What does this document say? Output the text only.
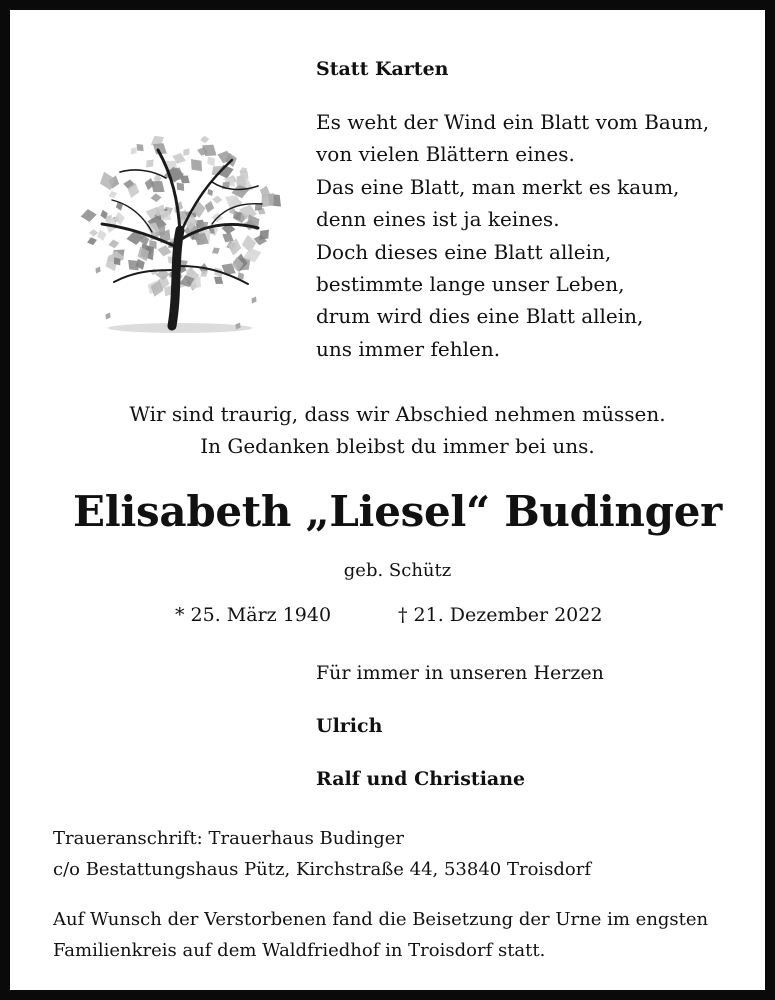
Statt Karten

Es weht der Wind ein Blatt vom Baum,
von vielen Blättern eines.
Das eine Blatt, man merkt es kaum,
denn eines ist ja keines.
Doch dieses eine Blatt allein,
bestimmte lange unser Leben,
drum wird dies eine Blatt allein,
uns immer fehlen.
Wir sind traurig, dass wir Abschied nehmen müssen.
In Gedanken bleibst du immer bei uns.
Elisabeth „Liesel“ Budinger
geb. Schütz
* 25. März 1940	† 21. Dezember 2022
Für immer in unseren Herzen
Ulrich
Ralf und Christiane
Traueranschrift: Trauerhaus Budinger
c/o Bestattungshaus Pütz, Kirchstraße 44, 53840 Troisdorf
Auf Wunsch der Verstorbenen fand die Beisetzung der Urne im engsten
Familienkreis auf dem Waldfriedhof in Troisdorf statt.
